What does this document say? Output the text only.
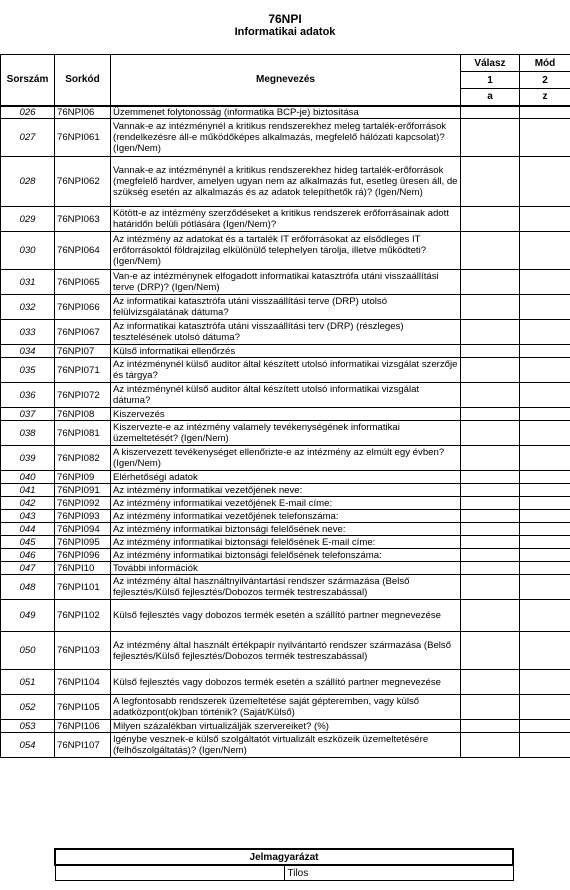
76NPI
Informatikai adatok
Sorszám	Sorkód	Megnevezés	Válasz	Mód
			1	2
			a	z
026	76NPI06	Üzemmenet folytonosság (informatika BCP-je) biztosítása		
027	76NPI061	Vannak-e az intézménynél a kritikus rendszerekhez meleg tartalék-erőforrások (rendelkezésre áll-e működőképes alkalmazás, megfelelő hálózati kapcsolat)? (Igen/Nem)		
028	76NPI062	Vannak-e az intézménynél a kritikus rendszerekhez hideg tartalék-erőforrások (megfelelő hardver, amelyen ugyan nem az alkalmazás fut, esetleg üresen áll, de szükség esetén az alkalmazás és az adatok telepíthetők rá)? (Igen/Nem)		
029	76NPI063	Kötött-e az intézmény szerződéseket a kritikus rendszerek erőforrásainak adott határidőn belüli pótlására (Igen/Nem)?		
030	76NPI064	Az intézmény az adatokat és a tartalék IT erőforrásokat az elsődleges IT erőforrásoktól földrajzilag elkülönülő telephelyen tárolja, illetve működteti? (Igen/Nem)		
031	76NPI065	Van-e az intézménynek elfogadott informatikai katasztrófa utáni visszaállítási terve (DRP)? (Igen/Nem)		
032	76NPI066	Az informatikai katasztrófa utáni visszaállítási terve (DRP) utolsó felülvizsgálatának dátuma?		
033	76NPI067	Az informatikai katasztrófa utáni visszaállítási terv (DRP) (részleges) tesztelésének utolsó dátuma?		
034	76NPI07	Külső informatikai ellenőrzés		
035	76NPI071	Az intézménynél külső auditor által készített utolsó informatikai vizsgálat szerzője és tárgya?		
036	76NPI072	Az intézménynél külső auditor által készített utolsó informatikai vizsgálat dátuma?		
037	76NPI08	Kiszervezés		
038	76NPI081	Kiszervezte-e az intézmény valamely tevékenységének informatikai üzemeltetését? (Igen/Nem)		
039	76NPI082	A kiszervezett tevékenységet ellenőrizte-e az intézmény az elmúlt egy évben? (Igen/Nem)		
040	76NPI09	Elérhetőségi adatok		
041	76NPI091	Az intézmény informatikai vezetőjének neve:		
042	76NPI092	Az intézmény informatikai vezetőjének E-mail címe:		
043	76NPI093	Az intézmény informatikai vezetőjének telefonszáma:		
044	76NPI094	Az intézmény informatikai biztonsági felelősének neve:		
045	76NPI095	Az intézmény informatikai biztonsági felelősének E-mail címe:		
046	76NPI096	Az intézmény informatikai biztonsági felelősének telefonszáma:		
047	76NPI10	További információk		
048	76NPI101	Az intézmény által használtnyilvántartási rendszer származása (Belső fejlesztés/Külső fejlesztés/Dobozos termék testreszabással)		
049	76NPI102	Külső fejlesztés vagy dobozos termék esetén a szállító partner megnevezése		
050	76NPI103	Az intézmény által használt értékpapír nyilvántartó rendszer származása (Belső fejlesztés/Külső fejlesztés/Dobozos termék testreszabással)		
051	76NPI104	Külső fejlesztés vagy dobozos termék esetén a szállító partner megnevezése		
052	76NPI105	A legfontosabb rendszerek üzemeltetése saját gépteremben, vagy külső adatközpont(ok)ban történik? (Saját/Külső)		
053	76NPI106	Milyen százalékban virtualizálják szervereiket? (%)		
054	76NPI107	Igénybe vesznek-e külső szolgáltatót virtualizált eszközeik üzemeltetésére (felhőszolgáltatás)? (Igen/Nem)		
Jelmagyarázat
	Tilos
